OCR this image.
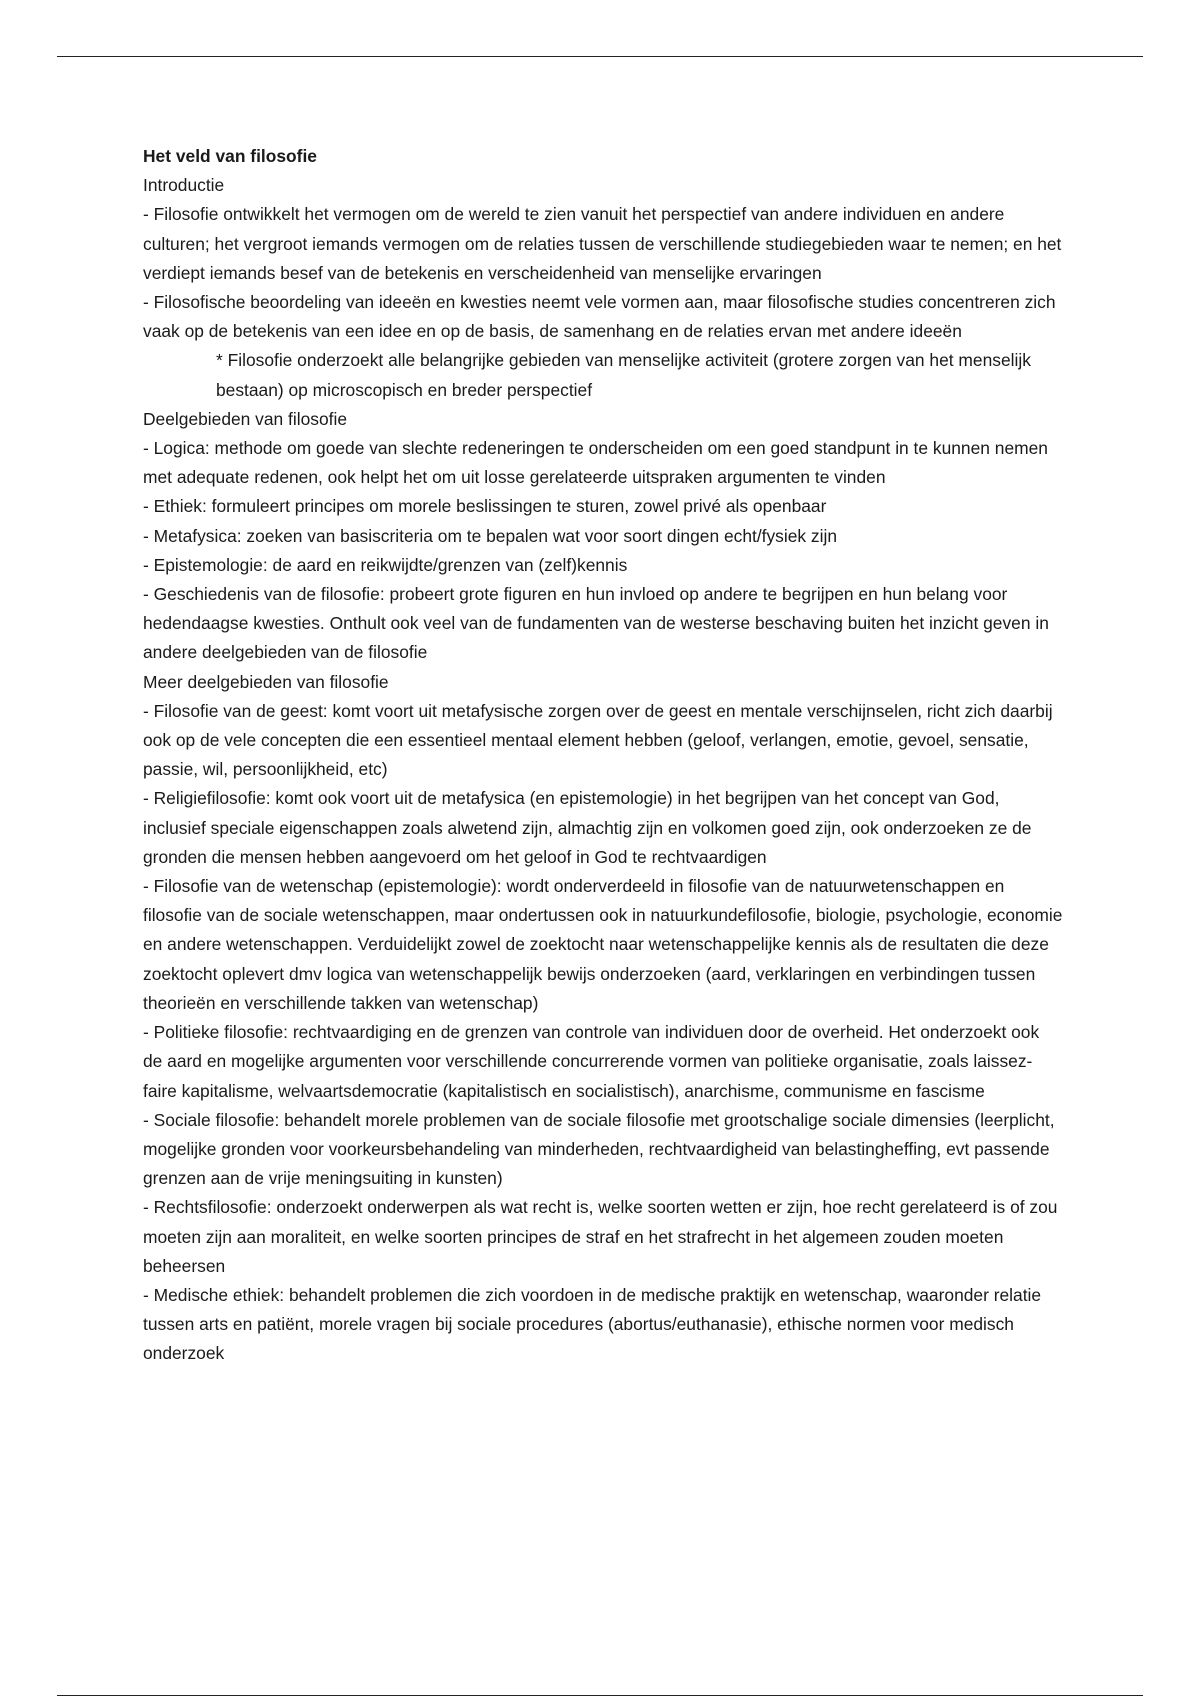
Het veld van filosofie

Introductie

- Filosofie ontwikkelt het vermogen om de wereld te zien vanuit het perspectief van andere individuen en andere culturen; het vergroot iemands vermogen om de relaties tussen de verschillende studiegebieden waar te nemen; en het verdiept iemands besef van de betekenis en verscheidenheid van menselijke ervaringen

- Filosofische beoordeling van ideeën en kwesties neemt vele vormen aan, maar filosofische studies concentreren zich vaak op de betekenis van een idee en op de basis, de samenhang en de relaties ervan met andere ideeën

* Filosofie onderzoekt alle belangrijke gebieden van menselijke activiteit (grotere zorgen van het menselijk bestaan) op microscopisch en breder perspectief

Deelgebieden van filosofie

- Logica: methode om goede van slechte redeneringen te onderscheiden om een goed standpunt in te kunnen nemen met adequate redenen, ook helpt het om uit losse gerelateerde uitspraken argumenten te vinden

- Ethiek: formuleert principes om morele beslissingen te sturen, zowel privé als openbaar

- Metafysica: zoeken van basiscriteria om te bepalen wat voor soort dingen echt/fysiek zijn

- Epistemologie: de aard en reikwijdte/grenzen van (zelf)kennis

- Geschiedenis van de filosofie: probeert grote figuren en hun invloed op andere te begrijpen en hun belang voor hedendaagse kwesties. Onthult ook veel van de fundamenten van de westerse beschaving buiten het inzicht geven in andere deelgebieden van de filosofie

Meer deelgebieden van filosofie

- Filosofie van de geest: komt voort uit metafysische zorgen over de geest en mentale verschijnselen, richt zich daarbij ook op de vele concepten die een essentieel mentaal element hebben (geloof, verlangen, emotie, gevoel, sensatie, passie, wil, persoonlijkheid, etc)

- Religiefilosofie: komt ook voort uit de metafysica (en epistemologie) in het begrijpen van het concept van God, inclusief speciale eigenschappen zoals alwetend zijn, almachtig zijn en volkomen goed zijn, ook onderzoeken ze de gronden die mensen hebben aangevoerd om het geloof in God te rechtvaardigen

- Filosofie van de wetenschap (epistemologie): wordt onderverdeeld in filosofie van de natuurwetenschappen en filosofie van de sociale wetenschappen, maar ondertussen ook in natuurkundefilosofie, biologie, psychologie, economie en andere wetenschappen. Verduidelijkt zowel de zoektocht naar wetenschappelijke kennis als de resultaten die deze zoektocht oplevert dmv logica van wetenschappelijk bewijs onderzoeken (aard, verklaringen en verbindingen tussen theorieën en verschillende takken van wetenschap)

- Politieke filosofie: rechtvaardiging en de grenzen van controle van individuen door de overheid. Het onderzoekt ook de aard en mogelijke argumenten voor verschillende concurrerende vormen van politieke organisatie, zoals laissez-faire kapitalisme, welvaartsdemocratie (kapitalistisch en socialistisch), anarchisme, communisme en fascisme

- Sociale filosofie: behandelt morele problemen van de sociale filosofie met grootschalige sociale dimensies (leerplicht, mogelijke gronden voor voorkeursbehandeling van minderheden, rechtvaardigheid van belastingheffing, evt passende grenzen aan de vrije meningsuiting in kunsten)

- Rechtsfilosofie: onderzoekt onderwerpen als wat recht is, welke soorten wetten er zijn, hoe recht gerelateerd is of zou moeten zijn aan moraliteit, en welke soorten principes de straf en het strafrecht in het algemeen zouden moeten beheersen

- Medische ethiek: behandelt problemen die zich voordoen in de medische praktijk en wetenschap, waaronder relatie tussen arts en patiënt, morele vragen bij sociale procedures (abortus/euthanasie), ethische normen voor medisch onderzoek
